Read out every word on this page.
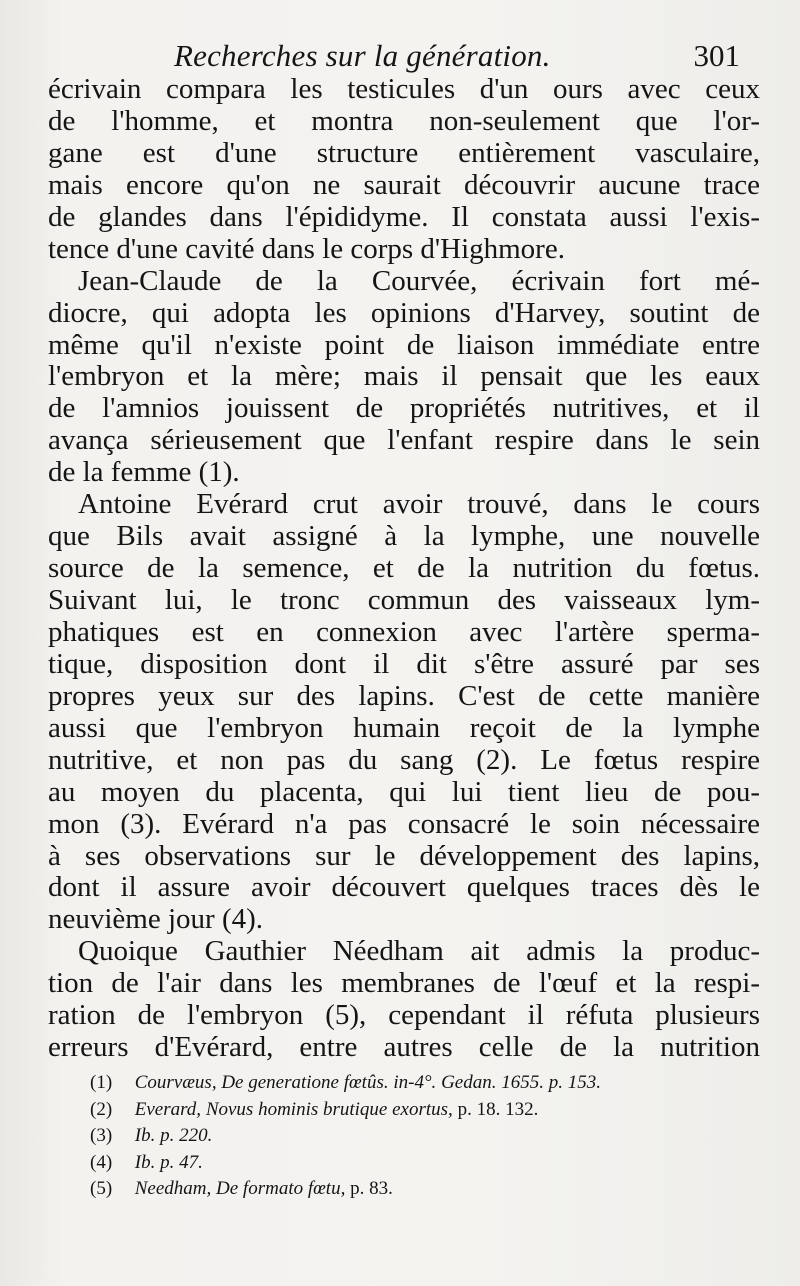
Recherches sur la génération.	301
écrivain compara les testicules d'un ours avec ceux
de l'homme, et montra non-seulement que l'or-
gane est d'une structure entièrement vasculaire,
mais encore qu'on ne saurait découvrir aucune trace
de glandes dans l'épididyme. Il constata aussi l'exis-
tence d'une cavité dans le corps d'Highmore.
Jean-Claude de la Courvée, écrivain fort mé-
diocre, qui adopta les opinions d'Harvey, soutint de
même qu'il n'existe point de liaison immédiate entre
l'embryon et la mère; mais il pensait que les eaux
de l'amnios jouissent de propriétés nutritives, et il
avança sérieusement que l'enfant respire dans le sein
de la femme (1).
Antoine Evérard crut avoir trouvé, dans le cours
que Bils avait assigné à la lymphe, une nouvelle
source de la semence, et de la nutrition du fœtus.
Suivant lui, le tronc commun des vaisseaux lym-
phatiques est en connexion avec l'artère sperma-
tique, disposition dont il dit s'être assuré par ses
propres yeux sur des lapins. C'est de cette manière
aussi que l'embryon humain reçoit de la lymphe
nutritive, et non pas du sang (2). Le fœtus respire
au moyen du placenta, qui lui tient lieu de pou-
mon (3). Evérard n'a pas consacré le soin nécessaire
à ses observations sur le développement des lapins,
dont il assure avoir découvert quelques traces dès le
neuvième jour (4).
Quoique Gauthier Néedham ait admis la produc-
tion de l'air dans les membranes de l'œuf et la respi-
ration de l'embryon (5), cependant il réfuta plusieurs
erreurs d'Evérard, entre autres celle de la nutrition
(1) Courvæus, De generatione fœtûs. in-4°. Gedan. 1655. p. 153.
(2) Everard, Novus hominis brutique exortus, p. 18. 132.
(3) Ib. p. 220.
(4) Ib. p. 47.
(5) Needham, De formato fœtu, p. 83.
